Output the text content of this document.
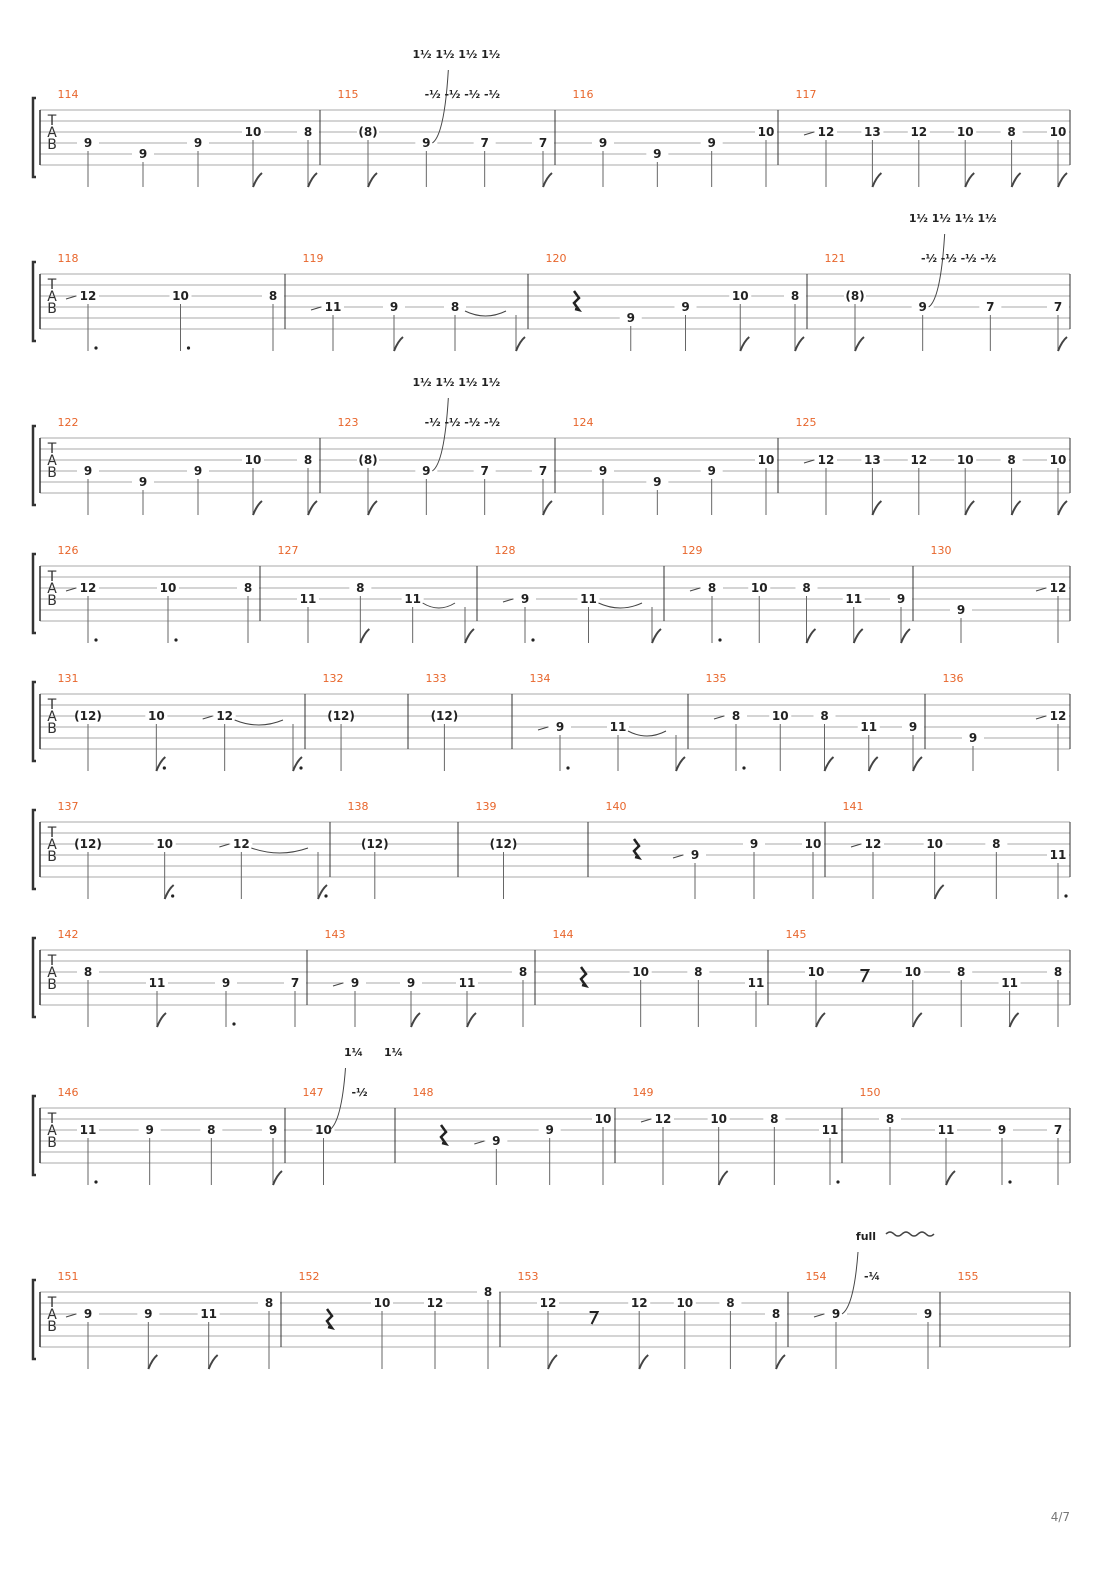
T
A
B
114
9
9
9
10	8
115
(8)
9
1½ 1½ 1½ 1½
-½ -½ -½ -½
7	7
116
9
9
9
10
117
12 13 12 10	8	10
T
A
B
118
12	10	8
119
11	9	8
120
9
9
10	8
121
(8)
9
1½ 1½ 1½ 1½
-½ -½ -½ -½
7	7
T
A
B
122
9
9
9
10	8
123
(8)
9
1½ 1½ 1½ 1½
-½ -½ -½ -½
7	7
124
9
9
9
10
125
12 13 12 10	8	10
T
A
B
126
12	10	8
127
11
8
11
128
9	11
129
8	10	8
11	9
130
9
12
T
A
B
131
(12)	10	12
132
(12)
133
(12)
134
9	11
135
8	10	8
11	9
136
9
12
T
A
B
137
(12)	10	12
138
(12)
139
(12)
140
9
9	10
141
12	10	8
11
T
A
B
142
8
11	9	7
143
9	9	11
8
144
10	8
11
145
10	10	8
11
8
T
A
B
146
11	9	8	9
147
10
1¼
-½
1¼
148
9
9
10
149
12	10	8
11
150
8
11	9	7
T
A
B
151
9	9	11
8
152
10	12
8
153
12	12 10	8
8
154
9
full
-¼
9
155
4/7
